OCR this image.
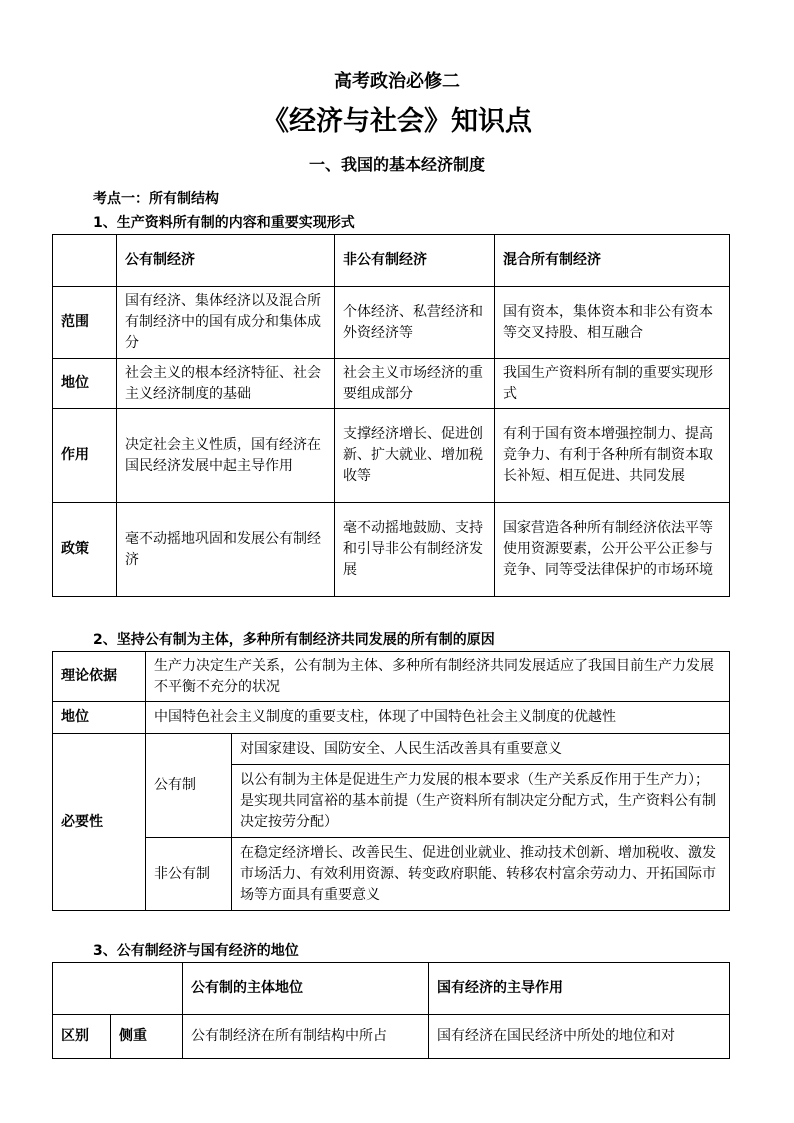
高考政治必修二
《经济与社会》知识点
一、我国的基本经济制度
考点一：所有制结构
1、生产资料所有制的内容和重要实现形式
	公有制经济	非公有制经济	混合所有制经济
范围	国有经济、集体经济以及混合所有制经济中的国有成分和集体成分	个体经济、私营经济和外资经济等	国有资本，集体资本和非公有资本等交叉持股、相互融合
地位	社会主义的根本经济特征、社会主义经济制度的基础	社会主义市场经济的重要组成部分	我国生产资料所有制的重要实现形式
作用	决定社会主义性质，国有经济在国民经济发展中起主导作用	支撑经济增长、促进创新、扩大就业、增加税收等	有利于国有资本增强控制力、提高竞争力、有利于各种所有制资本取长补短、相互促进、共同发展
政策	毫不动摇地巩固和发展公有制经济	毫不动摇地鼓励、支持和引导非公有制经济发展	国家营造各种所有制经济依法平等使用资源要素，公开公平公正参与竞争、同等受法律保护的市场环境
2、坚持公有制为主体，多种所有制经济共同发展的所有制的原因
理论依据	生产力决定生产关系，公有制为主体、多种所有制经济共同发展适应了我国目前生产力发展不平衡不充分的状况	
地位	中国特色社会主义制度的重要支柱，体现了中国特色社会主义制度的优越性	
必要性	公有制	对国家建设、国防安全、人民生活改善具有重要意义
		以公有制为主体是促进生产力发展的根本要求（生产关系反作用于生产力）；是实现共同富裕的基本前提（生产资料所有制决定分配方式，生产资料公有制决定按劳分配）
	非公有制	在稳定经济增长、改善民生、促进创业就业、推动技术创新、增加税收、激发市场活力、有效利用资源、转变政府职能、转移农村富余劳动力、开拓国际市场等方面具有重要意义
3、公有制经济与国有经济的地位
		公有制的主体地位	国有经济的主导作用
区别	侧重	公有制经济在所有制结构中所占	国有经济在国民经济中所处的地位和对
